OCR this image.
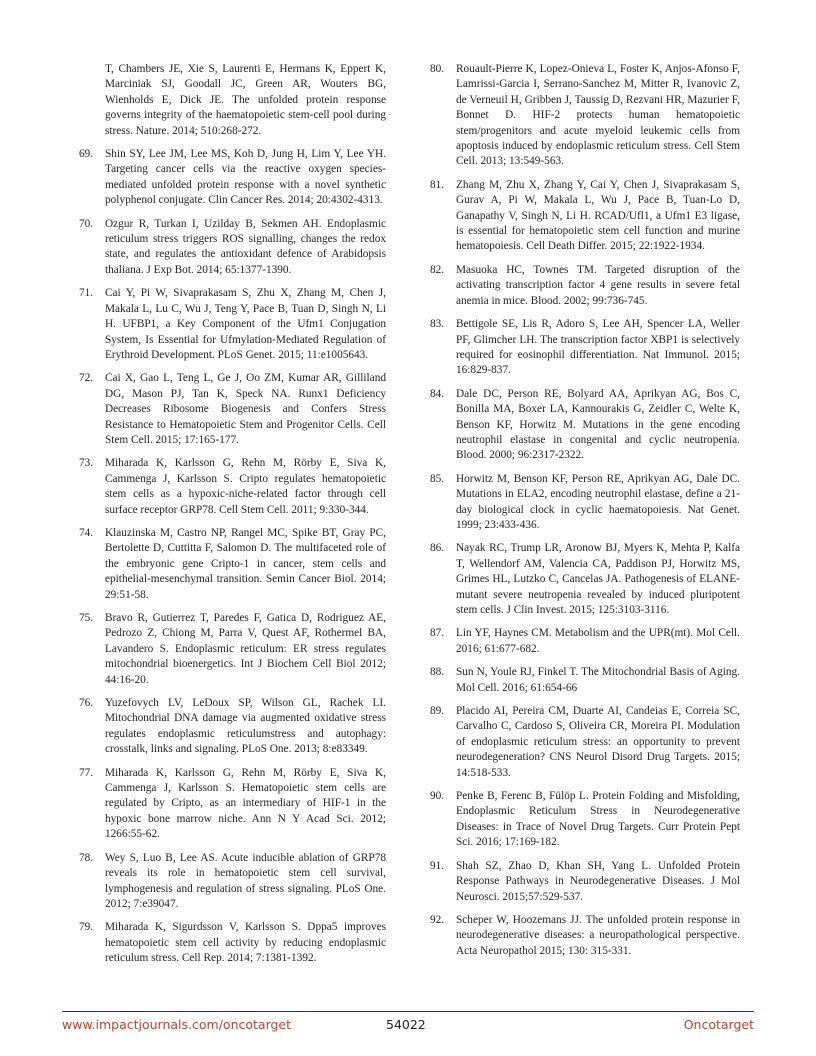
T, Chambers JE, Xie S, Laurenti E, Hermans K, Eppert K, Marciniak SJ, Goodall JC, Green AR, Wouters BG, Wienholds E, Dick JE. The unfolded protein response governs integrity of the haematopoietic stem-cell pool during stress. Nature. 2014; 510:268-272.
69. Shin SY, Lee JM, Lee MS, Koh D, Jung H, Lim Y, Lee YH. Targeting cancer cells via the reactive oxygen species-mediated unfolded protein response with a novel synthetic polyphenol conjugate. Clin Cancer Res. 2014; 20:4302-4313.
70. Ozgur R, Turkan I, Uzilday B, Sekmen AH. Endoplasmic reticulum stress triggers ROS signalling, changes the redox state, and regulates the antioxidant defence of Arabidopsis thaliana. J Exp Bot. 2014; 65:1377-1390.
71. Cai Y, Pi W, Sivaprakasam S, Zhu X, Zhang M, Chen J, Makala L, Lu C, Wu J, Teng Y, Pace B, Tuan D, Singh N, Li H. UFBP1, a Key Component of the Ufm1 Conjugation System, Is Essential for Ufmylation-Mediated Regulation of Erythroid Development. PLoS Genet. 2015; 11:e1005643.
72. Cai X, Gao L, Teng L, Ge J, Oo ZM, Kumar AR, Gilliland DG, Mason PJ, Tan K, Speck NA. Runx1 Deficiency Decreases Ribosome Biogenesis and Confers Stress Resistance to Hematopoietic Stem and Progenitor Cells. Cell Stem Cell. 2015; 17:165-177.
73. Miharada K, Karlsson G, Rehn M, Rörby E, Siva K, Cammenga J, Karlsson S. Cripto regulates hematopoietic stem cells as a hypoxic-niche-related factor through cell surface receptor GRP78. Cell Stem Cell. 2011; 9:330-344.
74. Klauzinska M, Castro NP, Rangel MC, Spike BT, Gray PC, Bertolette D, Cuttitta F, Salomon D. The multifaceted role of the embryonic gene Cripto-1 in cancer, stem cells and epithelial-mesenchymal transition. Semin Cancer Biol. 2014; 29:51-58.
75. Bravo R, Gutierrez T, Paredes F, Gatica D, Rodriguez AE, Pedrozo Z, Chiong M, Parra V, Quest AF, Rothermel BA, Lavandero S. Endoplasmic reticulum: ER stress regulates mitochondrial bioenergetics. Int J Biochem Cell Biol 2012; 44:16-20.
76. Yuzefovych LV, LeDoux SP, Wilson GL, Rachek LI. Mitochondrial DNA damage via augmented oxidative stress regulates endoplasmic reticulumstress and autophagy: crosstalk, links and signaling. PLoS One. 2013; 8:e83349.
77. Miharada K, Karlsson G, Rehn M, Rörby E, Siva K, Cammenga J, Karlsson S. Hematopoietic stem cells are regulated by Cripto, as an intermediary of HIF-1 in the hypoxic bone marrow niche. Ann N Y Acad Sci. 2012; 1266:55-62.
78. Wey S, Luo B, Lee AS. Acute inducible ablation of GRP78 reveals its role in hematopoietic stem cell survival, lymphogenesis and regulation of stress signaling. PLoS One. 2012; 7:e39047.
79. Miharada K, Sigurdsson V, Karlsson S. Dppa5 improves hematopoietic stem cell activity by reducing endoplasmic reticulum stress. Cell Rep. 2014; 7:1381-1392.
80. Rouault-Pierre K, Lopez-Onieva L, Foster K, Anjos-Afonso F, Lamrissi-Garcia I, Serrano-Sanchez M, Mitter R, Ivanovic Z, de Verneuil H, Gribben J, Taussig D, Rezvani HR, Mazurier F, Bonnet D. HIF-2 protects human hematopoietic stem/progenitors and acute myeloid leukemic cells from apoptosis induced by endoplasmic reticulum stress. Cell Stem Cell. 2013; 13:549-563.
81. Zhang M, Zhu X, Zhang Y, Cai Y, Chen J, Sivaprakasam S, Gurav A, Pi W, Makala L, Wu J, Pace B, Tuan-Lo D, Ganapathy V, Singh N, Li H. RCAD/Ufl1, a Ufm1 E3 ligase, is essential for hematopoietic stem cell function and murine hematopoiesis. Cell Death Differ. 2015; 22:1922-1934.
82. Masuoka HC, Townes TM. Targeted disruption of the activating transcription factor 4 gene results in severe fetal anemia in mice. Blood. 2002; 99:736-745.
83. Bettigole SE, Lis R, Adoro S, Lee AH, Spencer LA, Weller PF, Glimcher LH. The transcription factor XBP1 is selectively required for eosinophil differentiation. Nat Immunol. 2015; 16:829-837.
84. Dale DC, Person RE, Bolyard AA, Aprikyan AG, Bos C, Bonilla MA, Boxer LA, Kannourakis G, Zeidler C, Welte K, Benson KF, Horwitz M. Mutations in the gene encoding neutrophil elastase in congenital and cyclic neutropenia. Blood. 2000; 96:2317-2322.
85. Horwitz M, Benson KF, Person RE, Aprikyan AG, Dale DC. Mutations in ELA2, encoding neutrophil elastase, define a 21-day biological clock in cyclic haematopoiesis. Nat Genet. 1999; 23:433-436.
86. Nayak RC, Trump LR, Aronow BJ, Myers K, Mehta P, Kalfa T, Wellendorf AM, Valencia CA, Paddison PJ, Horwitz MS, Grimes HL, Lutzko C, Cancelas JA. Pathogenesis of ELANE-mutant severe neutropenia revealed by induced pluripotent stem cells. J Clin Invest. 2015; 125:3103-3116.
87. Lin YF, Haynes CM. Metabolism and the UPR(mt). Mol Cell. 2016; 61:677-682.
88. Sun N, Youle RJ, Finkel T. The Mitochondrial Basis of Aging. Mol Cell. 2016; 61:654-66
89. Placido AI, Pereira CM, Duarte AI, Candeias E, Correia SC, Carvalho C, Cardoso S, Oliveira CR, Moreira PI. Modulation of endoplasmic reticulum stress: an opportunity to prevent neurodegeneration? CNS Neurol Disord Drug Targets. 2015; 14:518-533.
90. Penke B, Ferenc B, Fülöp L. Protein Folding and Misfolding, Endoplasmic Reticulum Stress in Neurodegenerative Diseases: in Trace of Novel Drug Targets. Curr Protein Pept Sci. 2016; 17:169-182.
91. Shah SZ, Zhao D, Khan SH, Yang L. Unfolded Protein Response Pathways in Neurodegenerative Diseases. J Mol Neurosci. 2015;57:529-537.
92. Scheper W, Hoozemans JJ. The unfolded protein response in neurodegenerative diseases: a neuropathological perspective. Acta Neuropathol 2015; 130: 315-331.
www.impactjournals.com/oncotarget	54022	Oncotarget
